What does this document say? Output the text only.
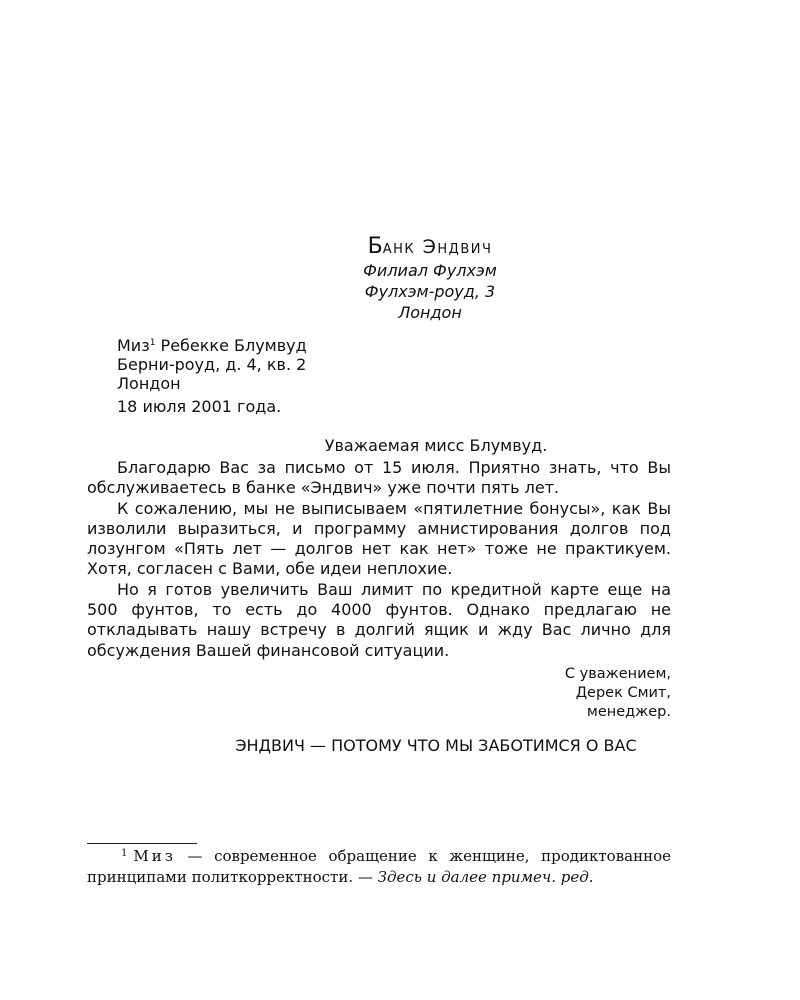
Банк Эндвич
Филиал Фулхэм
Фулхэм-роуд, 3
Лондон
Миз$^1$ Ребекке Блумвуд
Берни-роуд, д. 4, кв. 2
Лондон
18 июля 2001 года.
Уважаемая мисс Блумвуд.

Благодарю Вас за письмо от 15 июля. Приятно знать, что Вы обслуживаетесь в банке «Эндвич» уже почти пять лет.

К сожалению, мы не выписываем «пятилетние бонусы», как Вы изволили выразиться, и программу амнистирования долгов под лозунгом «Пять лет — долгов нет как нет» тоже не практикуем. Хотя, согласен с Вами, обе идеи неплохие.

Но я готов увеличить Ваш лимит по кредитной карте еще на 500 фунтов, то есть до 4000 фунтов. Однако предлагаю не откладывать нашу встречу в долгий ящик и жду Вас лично для обсуждения Вашей финансовой ситуации.

С уважением,
Дерек Смит,
менеджер.
ЭНДВИЧ — ПОТОМУ ЧТО МЫ ЗАБОТИМСЯ О ВАС
$^1$ Миз — современное обращение к женщине, продиктованное принципами политкорректности. — Здесь и далее примеч. ред.
